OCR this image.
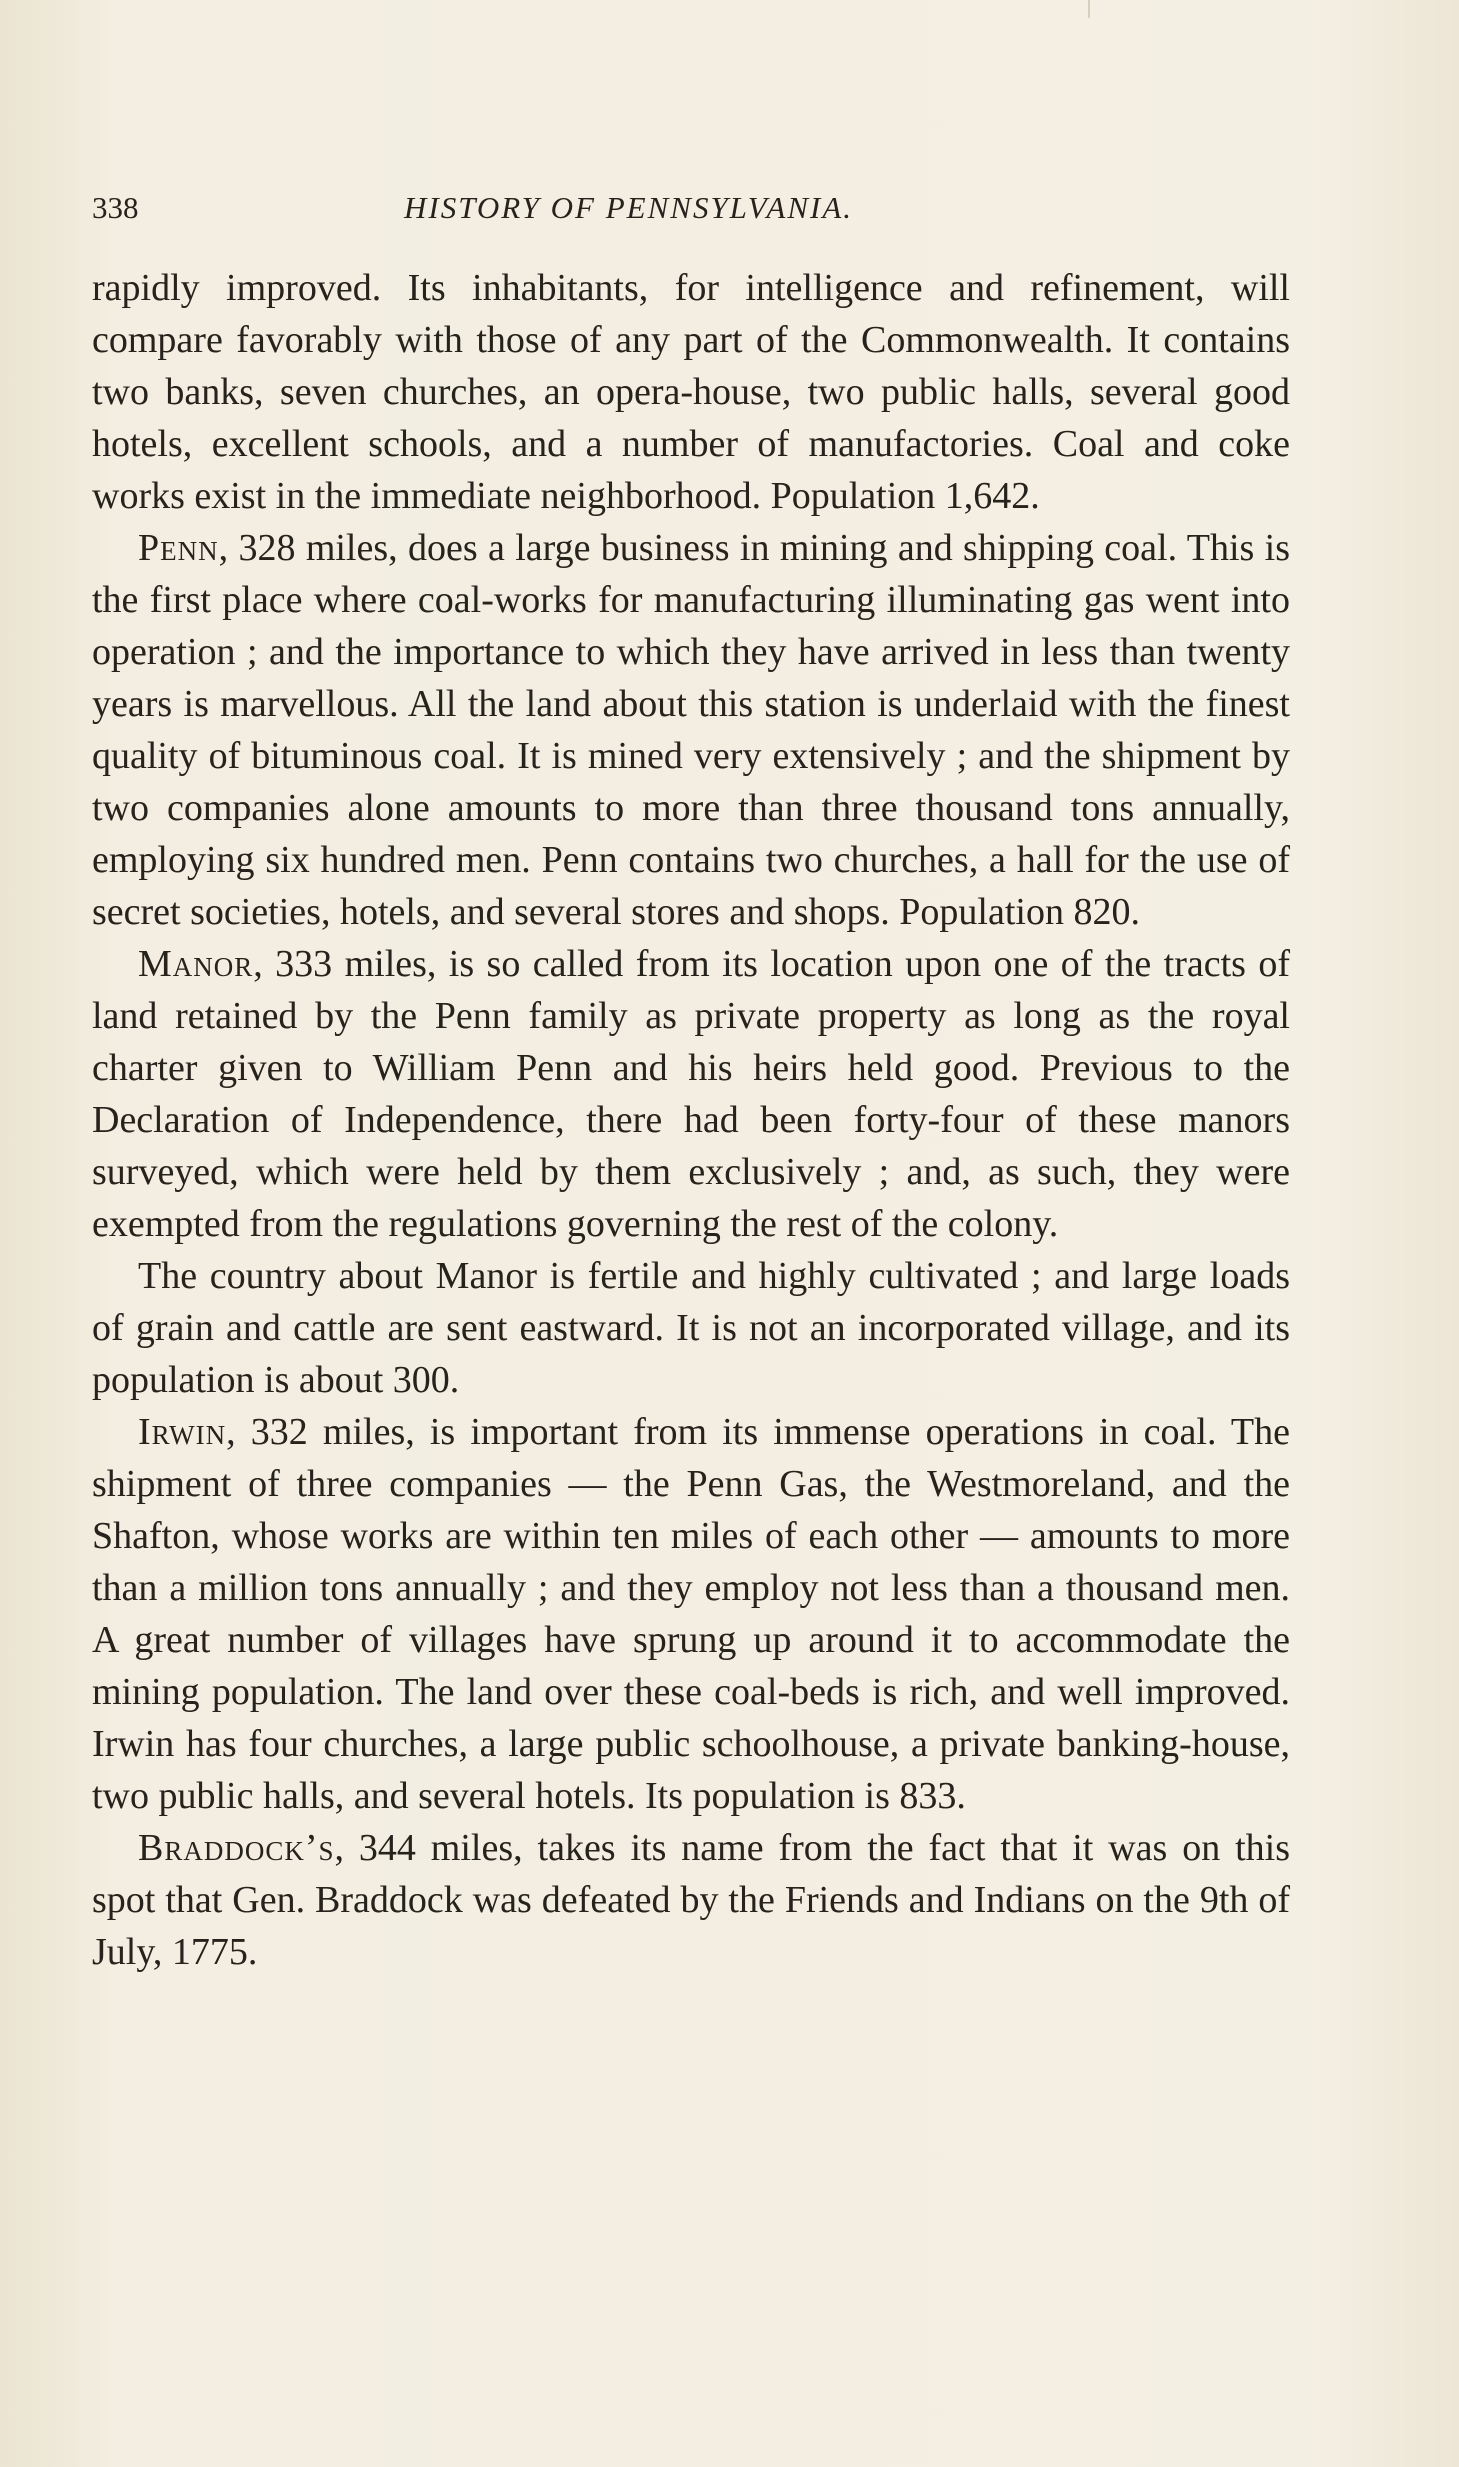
338	HISTORY OF PENNSYLVANIA.

rapidly improved. Its inhabitants, for intelligence and refinement, will compare favorably with those of any part of the Commonwealth. It contains two banks, seven churches, an opera-house, two public halls, several good hotels, excellent schools, and a number of manufactories. Coal and coke works exist in the immediate neighborhood. Population 1,642.

Penn, 328 miles, does a large business in mining and shipping coal. This is the first place where coal-works for manufacturing illuminating gas went into operation ; and the importance to which they have arrived in less than twenty years is marvellous. All the land about this station is underlaid with the finest quality of bituminous coal. It is mined very extensively ; and the shipment by two companies alone amounts to more than three thousand tons annually, employing six hundred men. Penn contains two churches, a hall for the use of secret societies, hotels, and several stores and shops. Population 820.

Manor, 333 miles, is so called from its location upon one of the tracts of land retained by the Penn family as private property as long as the royal charter given to William Penn and his heirs held good. Previous to the Declaration of Independence, there had been forty-four of these manors surveyed, which were held by them exclusively ; and, as such, they were exempted from the regulations governing the rest of the colony.

The country about Manor is fertile and highly cultivated ; and large loads of grain and cattle are sent eastward. It is not an incorporated village, and its population is about 300.

Irwin, 332 miles, is important from its immense operations in coal. The shipment of three companies — the Penn Gas, the Westmoreland, and the Shafton, whose works are within ten miles of each other — amounts to more than a million tons annually ; and they employ not less than a thousand men. A great number of villages have sprung up around it to accommodate the mining population. The land over these coal-beds is rich, and well improved. Irwin has four churches, a large public schoolhouse, a private banking-house, two public halls, and several hotels. Its population is 833.

Braddock’s, 344 miles, takes its name from the fact that it was on this spot that Gen. Braddock was defeated by the Friends and Indians on the 9th of July, 1775.
